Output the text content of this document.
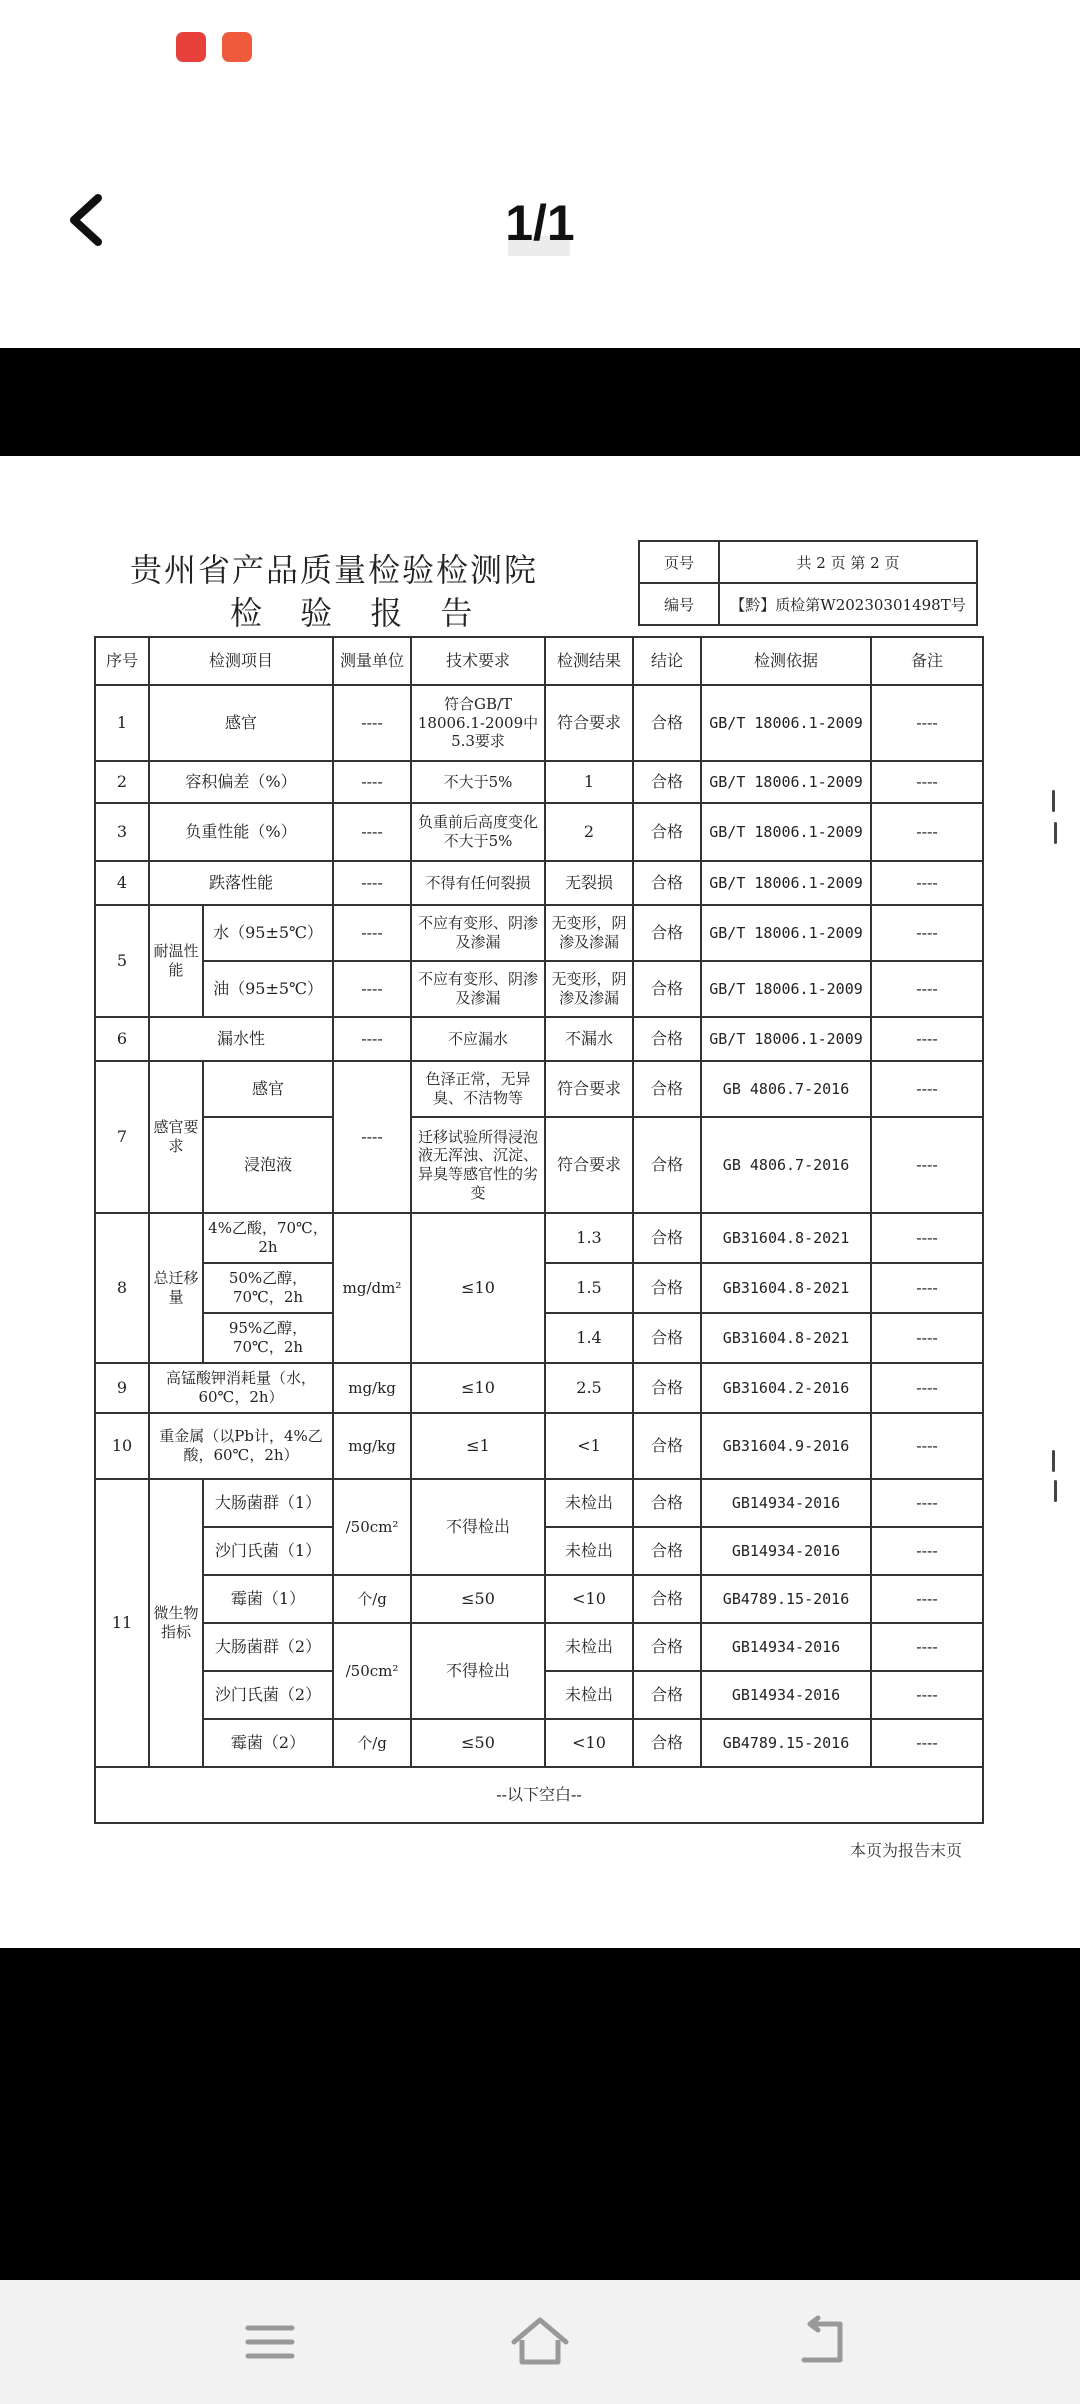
1/1
贵州省产品质量检验检测院
检 验 报 告
页号	共 2 页 第 2 页
编号	【黔】质检第W20230301498T号
序号	检测项目		测量单位	技术要求	检测结果	结论	检测依据	备注
1	感官		----	符合GB/T 18006.1-2009中5.3要求	符合要求	合格	GB/T 18006.1-2009	----
2	容积偏差（%）		----	不大于5%	1	合格	GB/T 18006.1-2009	----
3	负重性能（%）		----	负重前后高度变化不大于5%	2	合格	GB/T 18006.1-2009	----
4	跌落性能		----	不得有任何裂损	无裂损	合格	GB/T 18006.1-2009	----
5	耐温性能	水（95±5℃）	----	不应有变形、阴渗及渗漏	无变形，阴渗及渗漏	合格	GB/T 18006.1-2009	----
		油（95±5℃）	----	不应有变形、阴渗及渗漏	无变形，阴渗及渗漏	合格	GB/T 18006.1-2009	----
6	漏水性		----	不应漏水	不漏水	合格	GB/T 18006.1-2009	----
7	感官要求	感官	----	色泽正常，无异臭、不洁物等	符合要求	合格	GB 4806.7-2016	----
		浸泡液		迁移试验所得浸泡液无浑浊、沉淀、异臭等感官性的劣变	符合要求	合格	GB 4806.7-2016	----
8	总迁移量	4%乙酸，70℃，2h	mg/dm²	≤10	1.3	合格	GB31604.8-2021	----
		50%乙醇，70℃，2h			1.5	合格	GB31604.8-2021	----
		95%乙醇，70℃，2h			1.4	合格	GB31604.8-2021	----
9	高锰酸钾消耗量（水，60℃，2h）		mg/kg	≤10	2.5	合格	GB31604.2-2016	----
10	重金属（以Pb计，4%乙酸，60℃，2h）		mg/kg	≤1	<1	合格	GB31604.9-2016	----
11	微生物指标	大肠菌群（1）	/50cm²	不得检出	未检出	合格	GB14934-2016	----
		沙门氏菌（1）			未检出	合格	GB14934-2016	----
		霉菌（1）	个/g	≤50	<10	合格	GB4789.15-2016	----
		大肠菌群（2）	/50cm²	不得检出	未检出	合格	GB14934-2016	----
		沙门氏菌（2）			未检出	合格	GB14934-2016	----
		霉菌（2）	个/g	≤50	<10	合格	GB4789.15-2016	----
--以下空白--								
本页为报告末页
